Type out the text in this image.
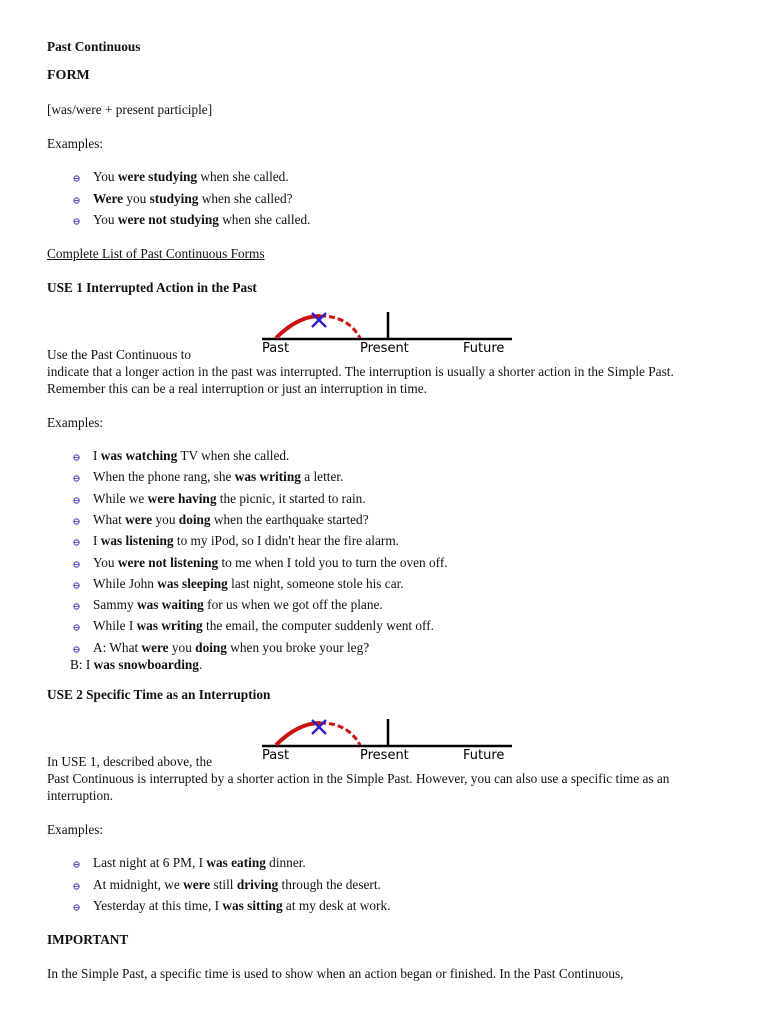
Past Continuous
FORM
[was/were + present participle]
Examples:
You were studying when she called.
Were you studying when she called?
You were not studying when she called.
Complete List of Past Continuous Forms
USE 1 Interrupted Action in the Past
Past	Present	Future
Use the Past Continuous to
indicate that a longer action in the past was interrupted. The interruption is usually a shorter action in the Simple Past. Remember this can be a real interruption or just an interruption in time.
Examples:
I was watching TV when she called.
When the phone rang, she was writing a letter.
While we were having the picnic, it started to rain.
What were you doing when the earthquake started?
I was listening to my iPod, so I didn't hear the fire alarm.
You were not listening to me when I told you to turn the oven off.
While John was sleeping last night, someone stole his car.
Sammy was waiting for us when we got off the plane.
While I was writing the email, the computer suddenly went off.
A: What were you doing when you broke your leg?
B: I was snowboarding.
USE 2 Specific Time as an Interruption
Past	Present	Future
In USE 1, described above, the
Past Continuous is interrupted by a shorter action in the Simple Past. However, you can also use a specific time as an interruption.
Examples:
Last night at 6 PM, I was eating dinner.
At midnight, we were still driving through the desert.
Yesterday at this time, I was sitting at my desk at work.
IMPORTANT
In the Simple Past, a specific time is used to show when an action began or finished. In the Past Continuous,
